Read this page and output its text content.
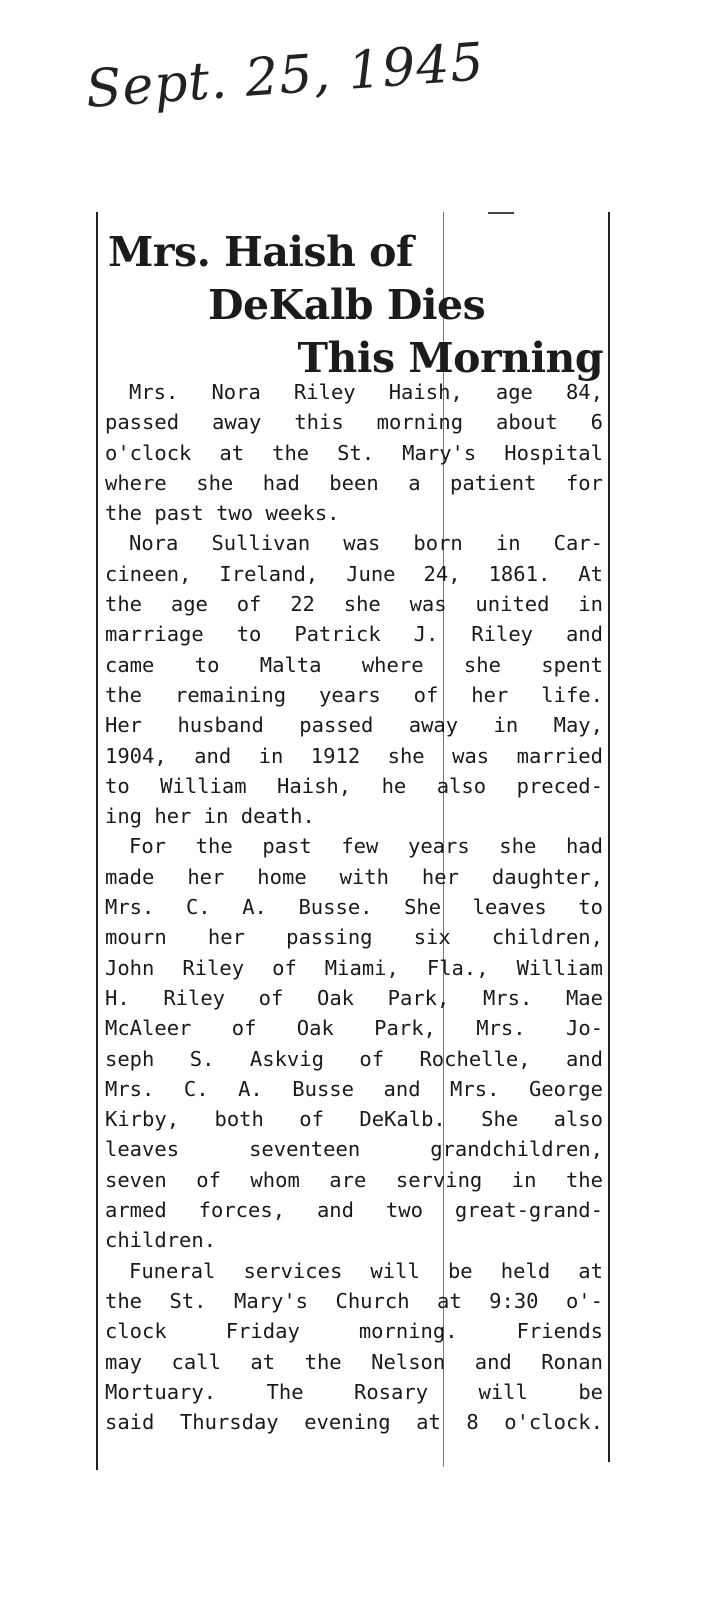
Sept. 25, 1945
Mrs. Haish of
DeKalb Dies
This Morning
Mrs. Nora Riley Haish, age 84,
passed away this morning about 6
o'clock at the St. Mary's Hospital
where she had been a patient for
the past two weeks.
Nora Sullivan was born in Car-
cineen, Ireland, June 24, 1861. At
the age of 22 she was united in
marriage to Patrick J. Riley and
came to Malta where she spent
the remaining years of her life.
Her husband passed away in May,
1904, and in 1912 she was married
to William Haish, he also preced-
ing her in death.
For the past few years she had
made her home with her daughter,
Mrs. C. A. Busse. She leaves to
mourn her passing six children,
John Riley of Miami, Fla., William
H. Riley of Oak Park, Mrs. Mae
McAleer of Oak Park, Mrs. Jo-
seph S. Askvig of Rochelle, and
Mrs. C. A. Busse and Mrs. George
Kirby, both of DeKalb. She also
leaves seventeen grandchildren,
seven of whom are serving in the
armed forces, and two great-grand-
children.
Funeral services will be held at
the St. Mary's Church at 9:30 o'-
clock Friday morning. Friends
may call at the Nelson and Ronan
Mortuary. The Rosary will be
said Thursday evening at 8 o'clock.
